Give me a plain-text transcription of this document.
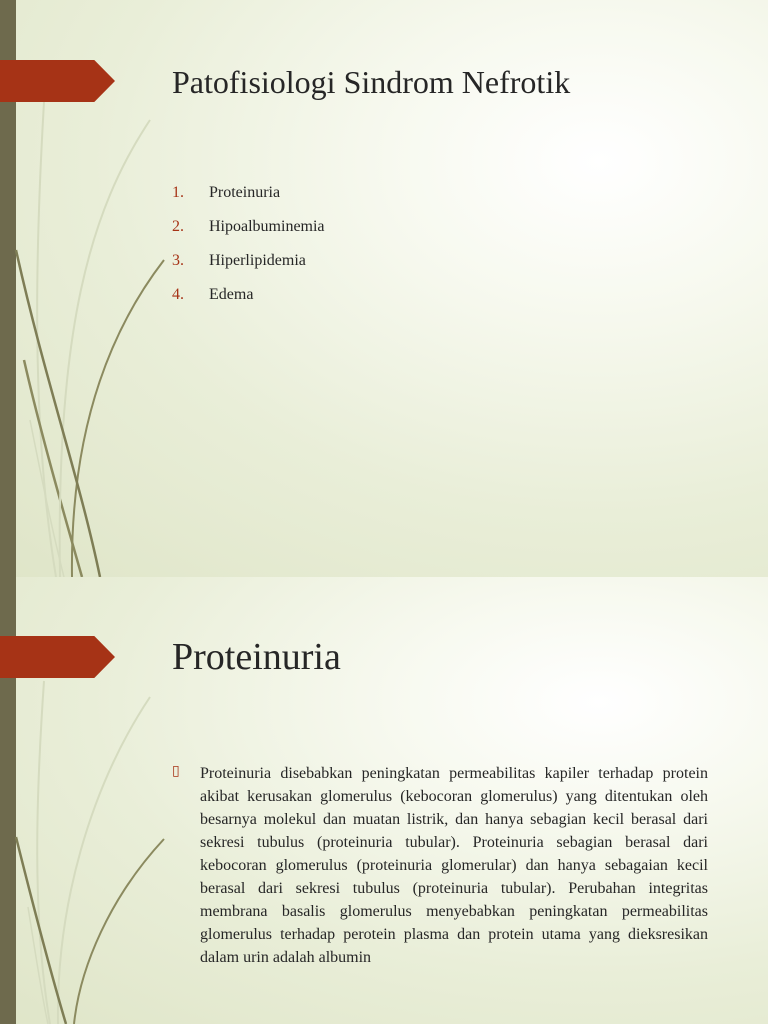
Patofisiologi Sindrom Nefrotik
1.	Proteinuria
2.	Hipoalbuminemia
3.	Hiperlipidemia
4.	Edema
Proteinuria
▯ Proteinuria disebabkan peningkatan permeabilitas kapiler terhadap protein akibat kerusakan glomerulus (kebocoran glomerulus) yang ditentukan oleh besarnya molekul dan muatan listrik, dan hanya sebagian kecil berasal dari sekresi tubulus (proteinuria tubular). Proteinuria sebagian berasal dari kebocoran glomerulus (proteinuria glomerular) dan hanya sebagaian kecil berasal dari sekresi tubulus (proteinuria tubular). Perubahan integritas membrana basalis glomerulus menyebabkan peningkatan permeabilitas glomerulus terhadap perotein plasma dan protein utama yang dieksresikan dalam urin adalah albumin
